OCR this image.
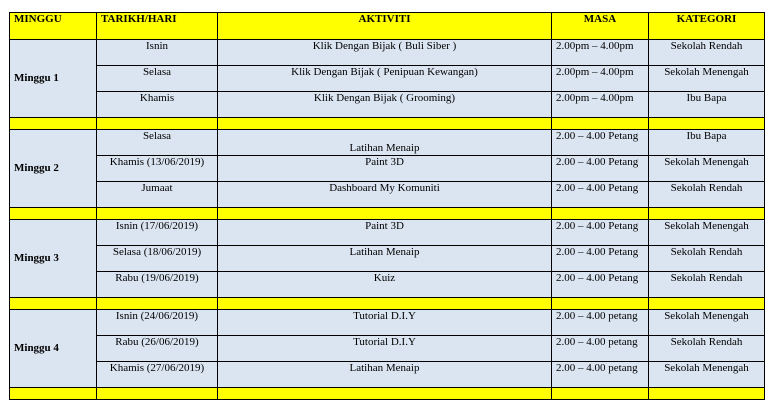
MINGGU	TARIKH/HARI	AKTIVITI	MASA	KATEGORI
Minggu 1	Isnin	Klik Dengan Bijak ( Buli Siber )	2.00pm – 4.00pm	Sekolah Rendah
	Selasa	Klik Dengan Bijak ( Penipuan Kewangan)	2.00pm – 4.00pm	Sekolah Menengah
	Khamis	Klik Dengan Bijak ( Grooming)	2.00pm – 4.00pm	Ibu Bapa

Minggu 2	Selasa	Latihan Menaip	2.00 – 4.00 Petang	Ibu Bapa
	Khamis (13/06/2019)	Paint 3D	2.00 – 4.00 Petang	Sekolah Menengah
	Jumaat	Dashboard My Komuniti	2.00 – 4.00 Petang	Sekolah Rendah

Minggu 3	Isnin (17/06/2019)	Paint 3D	2.00 – 4.00 Petang	Sekolah Menengah
	Selasa (18/06/2019)	Latihan Menaip	2.00 – 4.00 Petang	Sekolah Rendah
	Rabu (19/06/2019)	Kuiz	2.00 – 4.00 Petang	Sekolah Rendah

Minggu 4	Isnin (24/06/2019)	Tutorial D.I.Y	2.00 – 4.00 petang	Sekolah Menengah
	Rabu (26/06/2019)	Tutorial D.I.Y	2.00 – 4.00 petang	Sekolah Rendah
	Khamis (27/06/2019)	Latihan Menaip	2.00 – 4.00 petang	Sekolah Menengah
